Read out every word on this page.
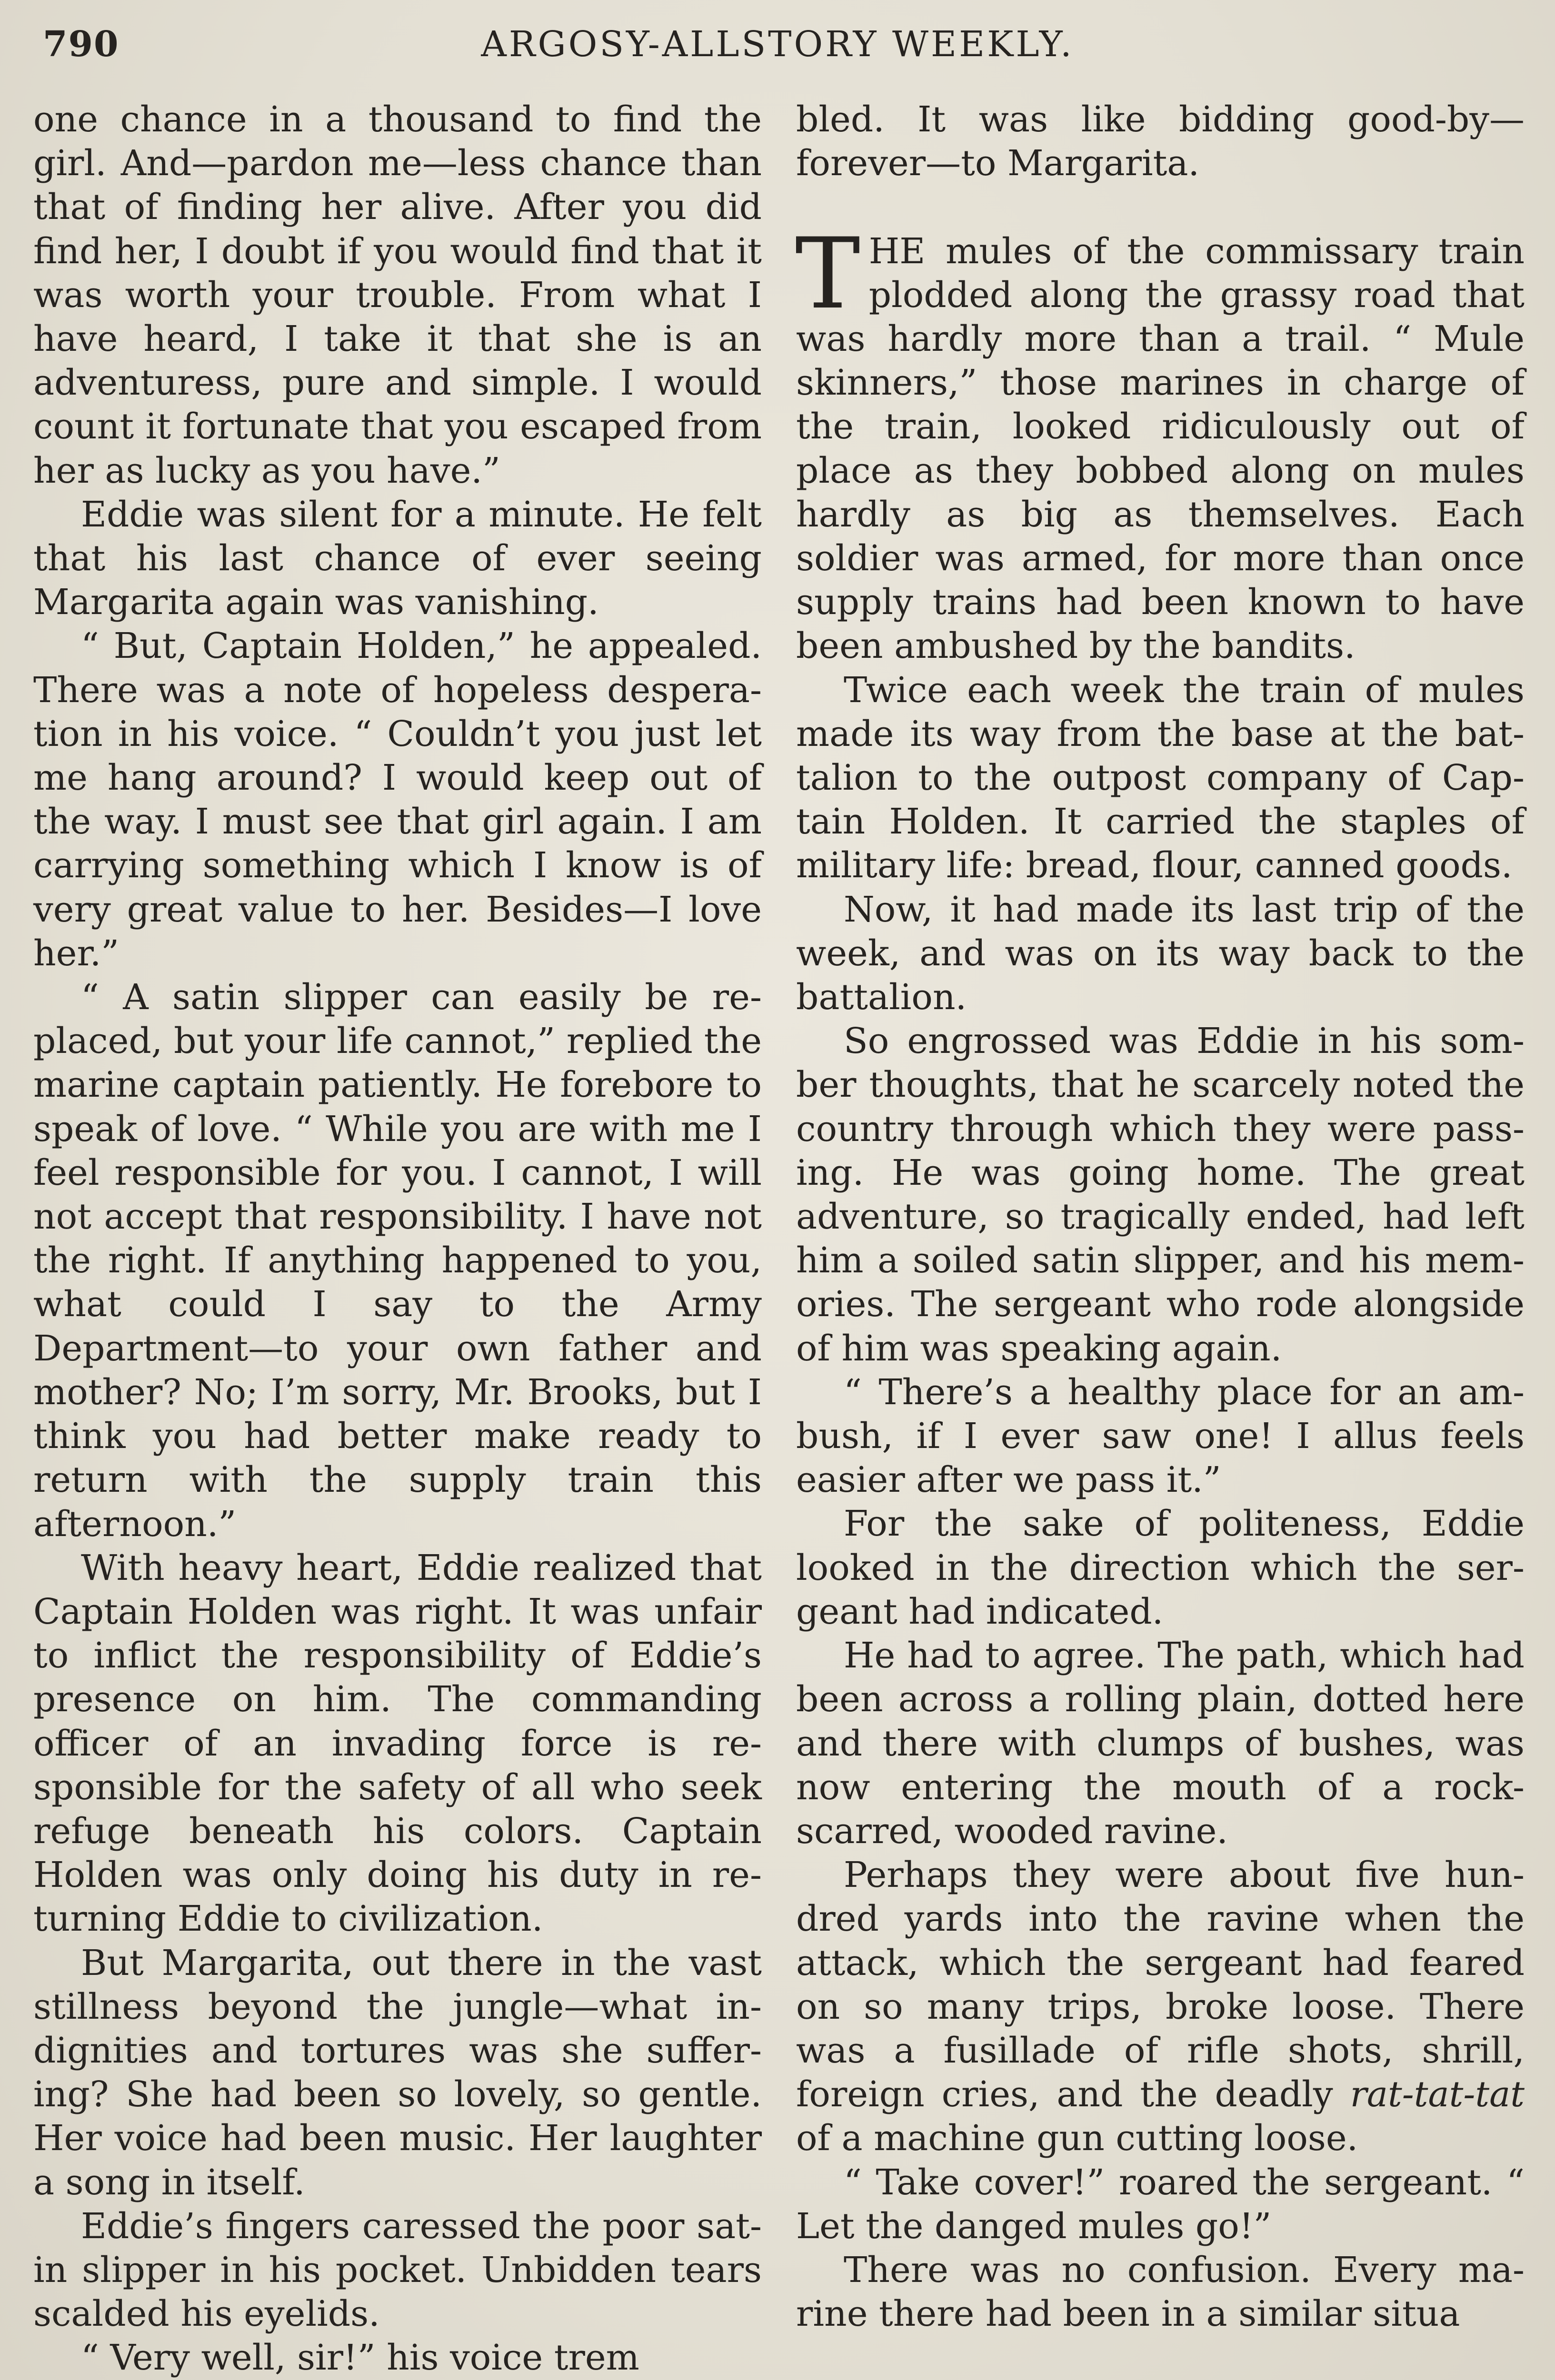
790	ARGOSY-ALLSTORY WEEKLY.

one chance in a thousand to find the girl. And—pardon me—less chance than that of finding her alive. After you did find her, I doubt if you would find that it was worth your trouble. From what I have heard, I take it that she is an adventuress, pure and simple. I would count it fortunate that you escaped from her as lucky as you have.”

Eddie was silent for a minute. He felt that his last chance of ever seeing Margarita again was vanishing.

“ But, Captain Holden,” he appealed. There was a note of hopeless desperation in his voice. “ Couldn’t you just let me hang around? I would keep out of the way. I must see that girl again. I am carrying something which I know is of very great value to her. Besides—I love her.”

“ A satin slipper can easily be replaced, but your life cannot,” replied the marine captain patiently. He forebore to speak of love. “ While you are with me I feel responsible for you. I cannot, I will not accept that responsibility. I have not the right. If anything happened to you, what could I say to the Army Department—to your own father and mother? No; I’m sorry, Mr. Brooks, but I think you had better make ready to return with the supply train this afternoon.”

With heavy heart, Eddie realized that Captain Holden was right. It was unfair to inflict the responsibility of Eddie’s presence on him. The commanding officer of an invading force is responsible for the safety of all who seek refuge beneath his colors. Captain Holden was only doing his duty in returning Eddie to civilization.

But Margarita, out there in the vast stillness beyond the jungle—what indignities and tortures was she suffering? She had been so lovely, so gentle. Her voice had been music. Her laughter a song in itself.

Eddie’s fingers caressed the poor satin slipper in his pocket. Unbidden tears scalded his eyelids.

“ Very well, sir!” his voice trem

bled. It was like bidding good-by—forever—to Margarita.

THE mules of the commissary train plodded along the grassy road that was hardly more than a trail. “ Mule skinners,” those marines in charge of the train, looked ridiculously out of place as they bobbed along on mules hardly as big as themselves. Each soldier was armed, for more than once supply trains had been known to have been ambushed by the bandits.

Twice each week the train of mules made its way from the base at the battalion to the outpost company of Captain Holden. It carried the staples of military life: bread, flour, canned goods.

Now, it had made its last trip of the week, and was on its way back to the battalion.

So engrossed was Eddie in his somber thoughts, that he scarcely noted the country through which they were passing. He was going home. The great adventure, so tragically ended, had left him a soiled satin slipper, and his memories. The sergeant who rode alongside of him was speaking again.

“ There’s a healthy place for an ambush, if I ever saw one! I allus feels easier after we pass it.”

For the sake of politeness, Eddie looked in the direction which the sergeant had indicated.

He had to agree. The path, which had been across a rolling plain, dotted here and there with clumps of bushes, was now entering the mouth of a rock-scarred, wooded ravine.

Perhaps they were about five hundred yards into the ravine when the attack, which the sergeant had feared on so many trips, broke loose. There was a fusillade of rifle shots, shrill, foreign cries, and the deadly rat-tat-tat of a machine gun cutting loose.

“ Take cover!” roared the sergeant. “ Let the danged mules go!”

There was no confusion. Every marine there had been in a similar situa
